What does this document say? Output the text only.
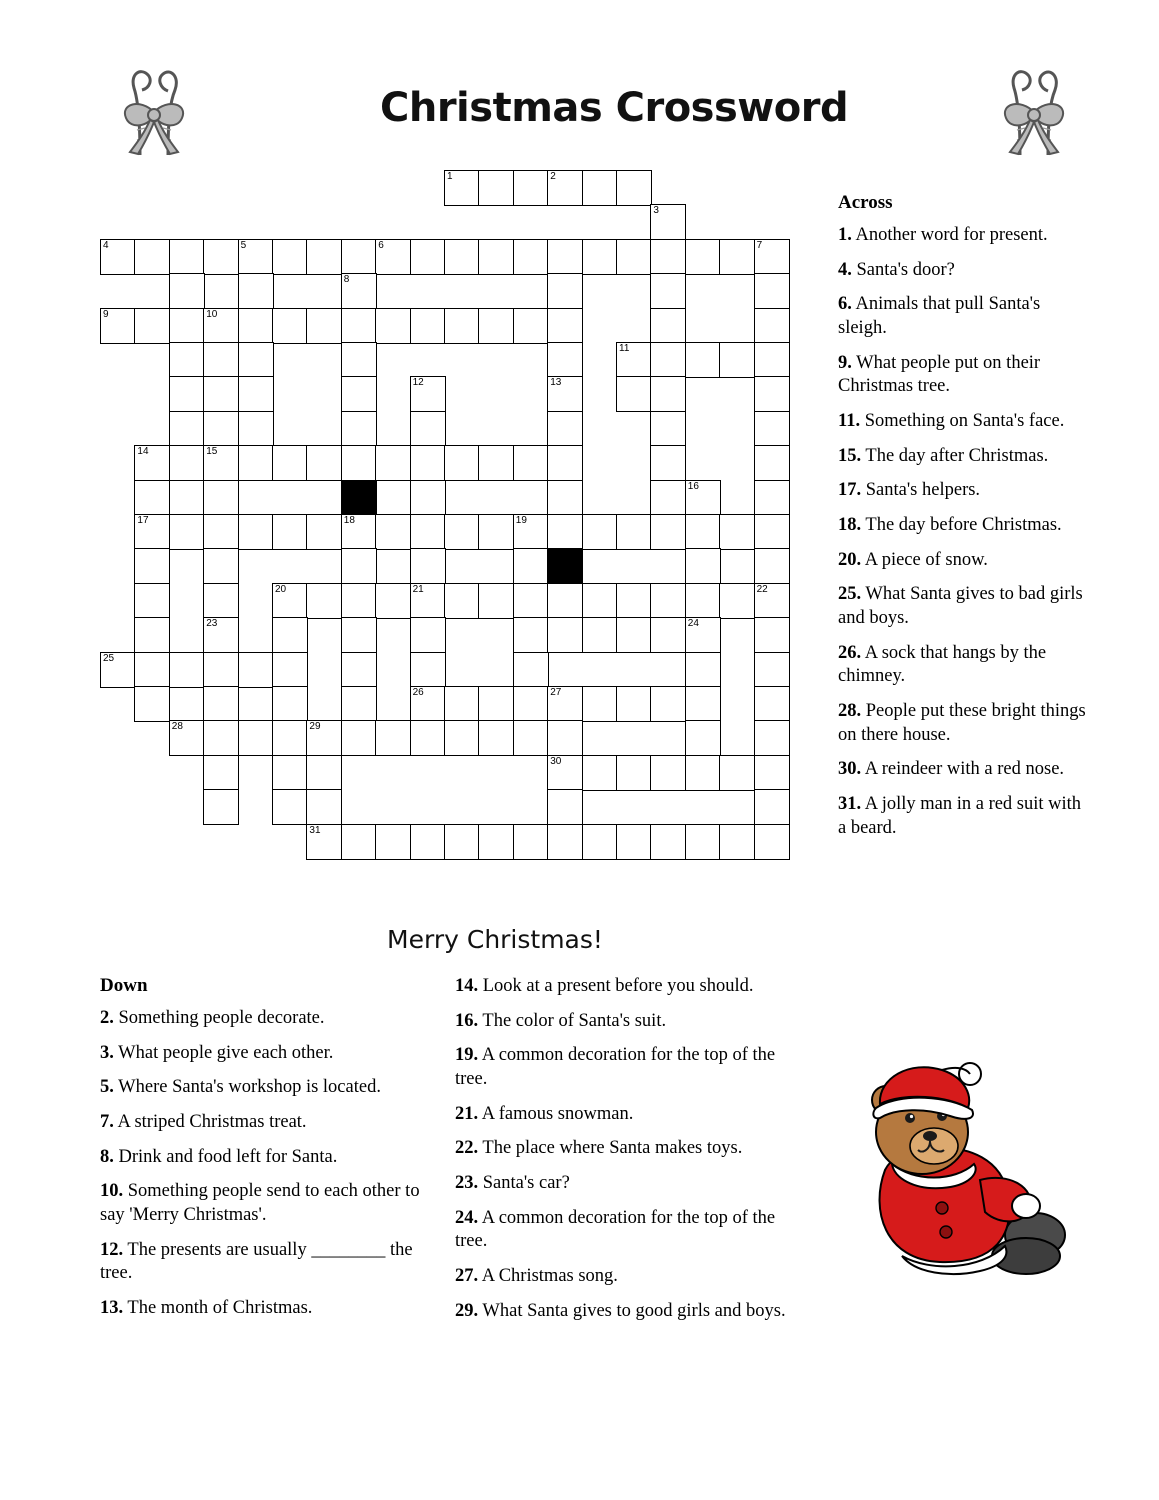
Christmas Crossword
1	2
3
4	5	6	7
8
9	10
11
12	13
14	15
16
17	18	19
20	21	22
23	24
25
26	27
28	29
30
31
Merry Christmas!
Across
1. Another word for present.
4. Santa's door?
6. Animals that pull Santa's sleigh.
9. What people put on their Christmas tree.
11. Something on Santa's face.
15. The day after Christmas.
17. Santa's helpers.
18. The day before Christmas.
20. A piece of snow.
25. What Santa gives to bad girls and boys.
26. A sock that hangs by the chimney.
28. People put these bright things on there house.
30. A reindeer with a red nose.
31. A jolly man in a red suit with a beard.
Down
2. Something people decorate.
3. What people give each other.
5. Where Santa's workshop is located.
7. A striped Christmas treat.
8. Drink and food left for Santa.
10. Something people send to each other to say 'Merry Christmas'.
12. The presents are usually ________ the tree.
13. The month of Christmas.
14. Look at a present before you should.
16. The color of Santa's suit.
19. A common decoration for the top of the tree.
21. A famous snowman.
22. The place where Santa makes toys.
23. Santa's car?
24. A common decoration for the top of the tree.
27. A Christmas song.
29. What Santa gives to good girls and boys.
